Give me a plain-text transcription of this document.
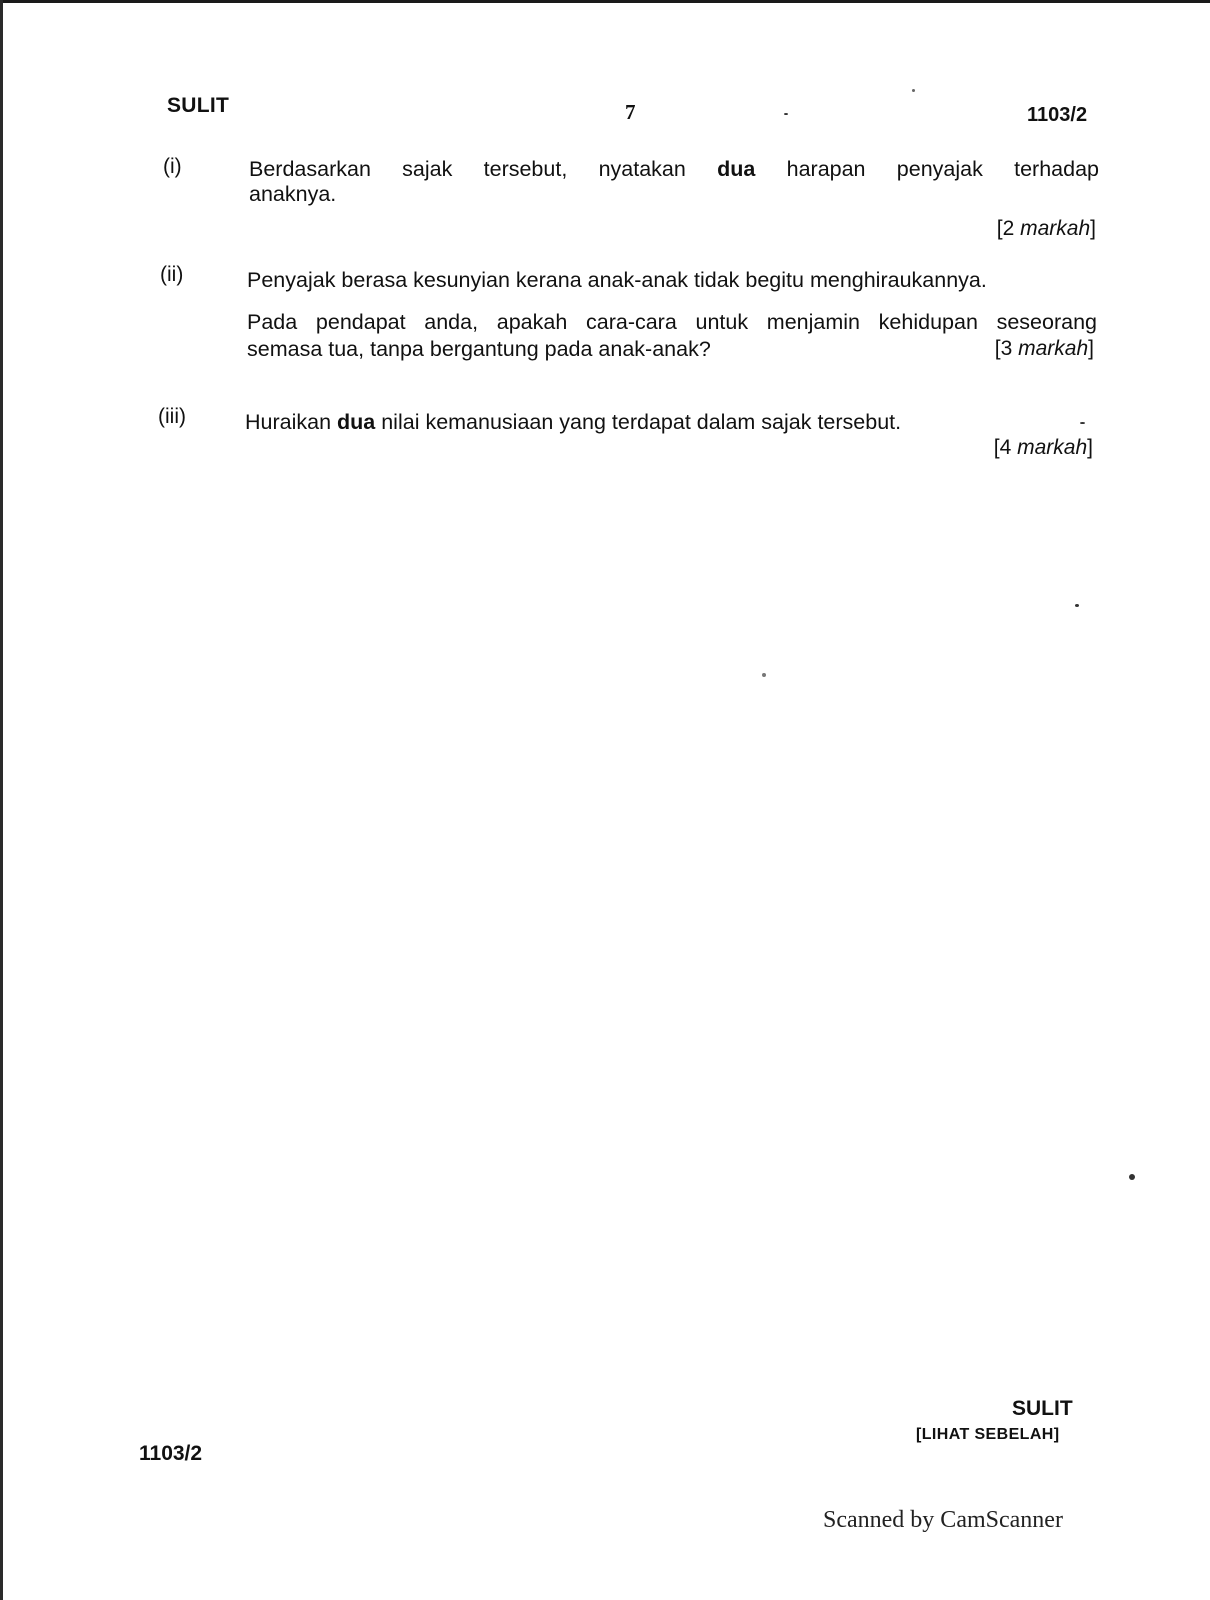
SULIT	7	1103/2
(i)	Berdasarkan sajak tersebut, nyatakan dua harapan penyajak terhadap
anaknya.
[2 markah]
(ii)	Penyajak berasa kesunyian kerana anak-anak tidak begitu menghiraukannya.
Pada pendapat anda, apakah cara-cara untuk menjamin kehidupan seseorang
semasa tua, tanpa bergantung pada anak-anak?	[3 markah]
(iii)	Huraikan dua nilai kemanusiaan yang terdapat dalam sajak tersebut.
[4 markah]
1103/2
SULIT
[LIHAT SEBELAH]
Scanned by CamScanner
